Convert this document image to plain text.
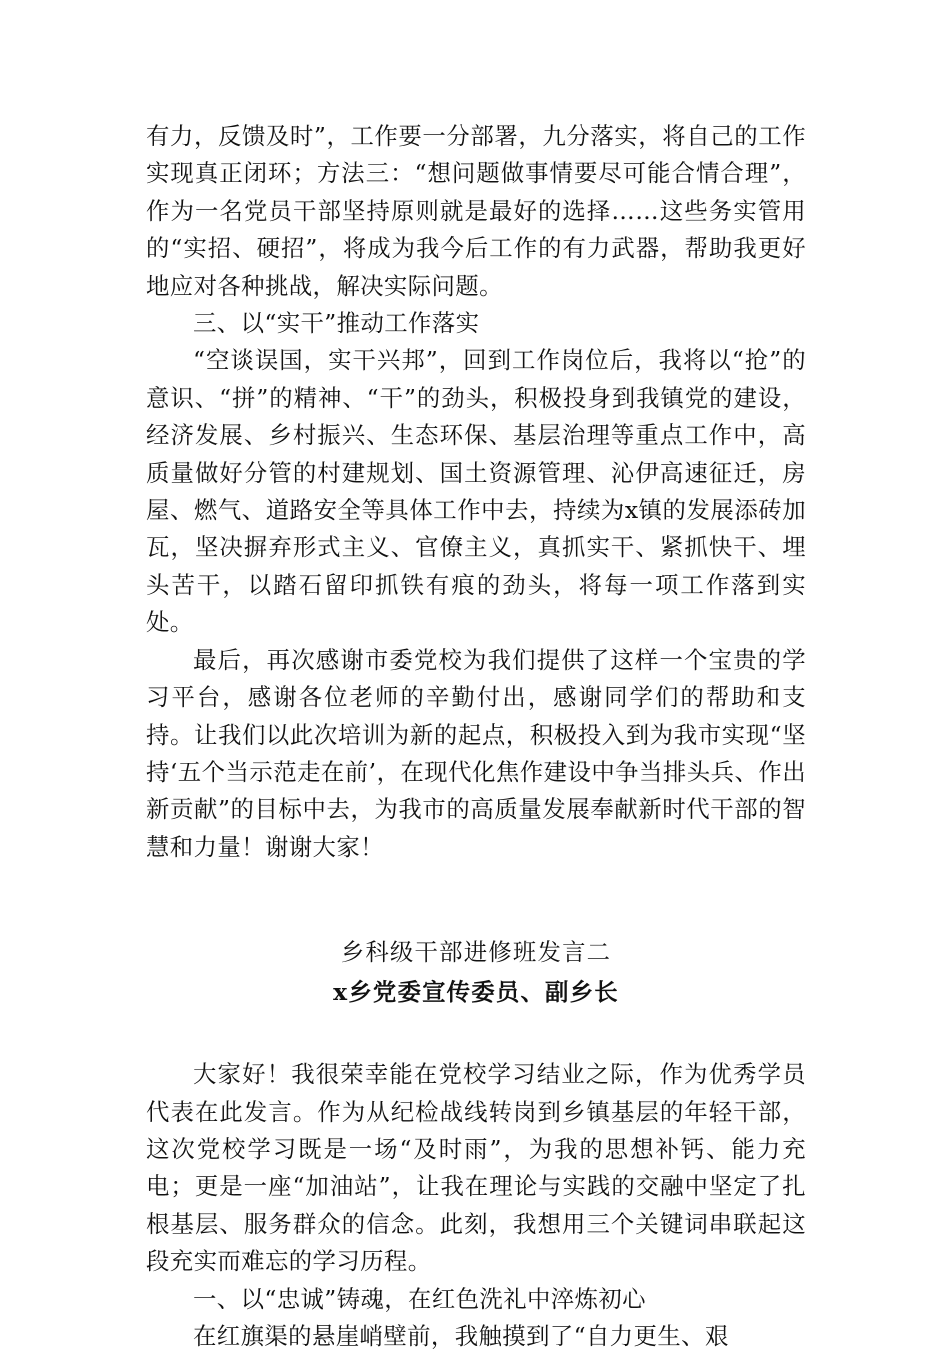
有力，反馈及时”，工作要一分部署，九分落实，将自己的工作实现真正闭环；方法三：“想问题做事情要尽可能合情合理”，作为一名党员干部坚持原则就是最好的选择……这些务实管用的“实招、硬招”，将成为我今后工作的有力武器，帮助我更好地应对各种挑战，解决实际问题。

三、以“实干”推动工作落实

“空谈误国，实干兴邦”，回到工作岗位后，我将以“抢”的意识、“拼”的精神、“干”的劲头，积极投身到我镇党的建设，经济发展、乡村振兴、生态环保、基层治理等重点工作中，高质量做好分管的村建规划、国土资源管理、沁伊高速征迁，房屋、燃气、道路安全等具体工作中去，持续为x镇的发展添砖加瓦，坚决摒弃形式主义、官僚主义，真抓实干、紧抓快干、埋头苦干，以踏石留印抓铁有痕的劲头，将每一项工作落到实处。

最后，再次感谢市委党校为我们提供了这样一个宝贵的学习平台，感谢各位老师的辛勤付出，感谢同学们的帮助和支持。让我们以此次培训为新的起点，积极投入到为我市实现“坚持‘五个当示范走在前’，在现代化焦作建设中争当排头兵、作出新贡献”的目标中去，为我市的高质量发展奉献新时代干部的智慧和力量！谢谢大家！

乡科级干部进修班发言二

x乡党委宣传委员、副乡长

大家好！我很荣幸能在党校学习结业之际，作为优秀学员代表在此发言。作为从纪检战线转岗到乡镇基层的年轻干部，这次党校学习既是一场“及时雨”，为我的思想补钙、能力充电；更是一座“加油站”，让我在理论与实践的交融中坚定了扎根基层、服务群众的信念。此刻，我想用三个关键词串联起这段充实而难忘的学习历程。

一、以“忠诚”铸魂，在红色洗礼中淬炼初心

在红旗渠的悬崖峭壁前，我触摸到了“自力更生、艰
